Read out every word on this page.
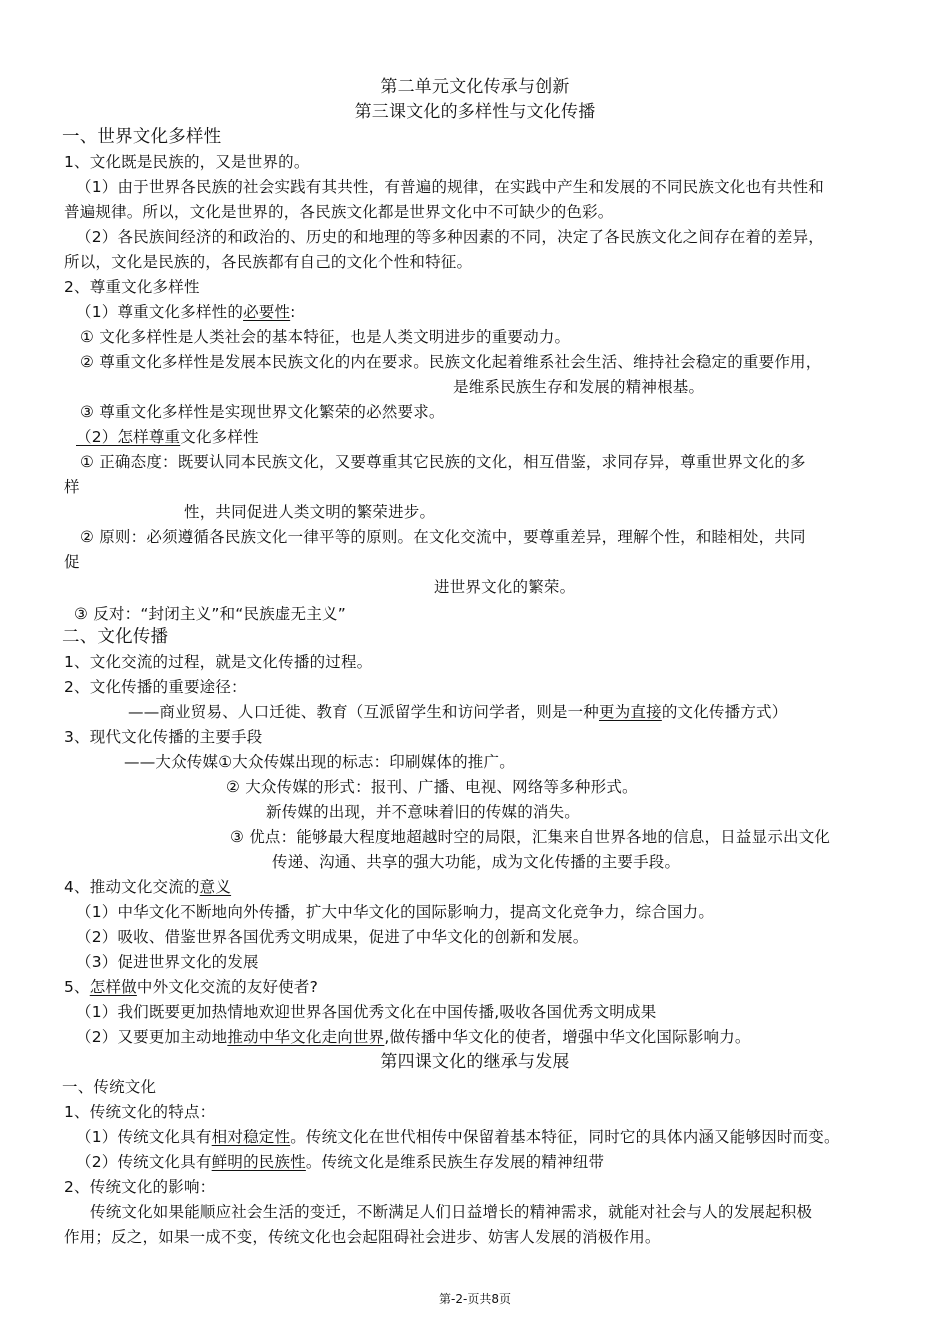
第二单元文化传承与创新
第三课文化的多样性与文化传播
一、世界文化多样性
1、文化既是民族的，又是世界的。
（1）由于世界各民族的社会实践有其共性，有普遍的规律，在实践中产生和发展的不同民族文化也有共性和
普遍规律。所以，文化是世界的，各民族文化都是世界文化中不可缺少的色彩。
（2）各民族间经济的和政治的、历史的和地理的等多种因素的不同，决定了各民族文化之间存在着的差异，
所以，文化是民族的，各民族都有自己的文化个性和特征。
2、尊重文化多样性
（1）尊重文化多样性的必要性:
① 文化多样性是人类社会的基本特征，也是人类文明进步的重要动力。
② 尊重文化多样性是发展本民族文化的内在要求。民族文化起着维系社会生活、维持社会稳定的重要作用，
是维系民族生存和发展的精神根基。
③ 尊重文化多样性是实现世界文化繁荣的必然要求。
（2）怎样尊重文化多样性
① 正确态度：既要认同本民族文化，又要尊重其它民族的文化，相互借鉴，求同存异，尊重世界文化的多
样
性，共同促进人类文明的繁荣进步。
② 原则：必须遵循各民族文化一律平等的原则。在文化交流中，要尊重差异，理解个性，和睦相处，共同
促
进世界文化的繁荣。
③ 反对：“封闭主义”和“民族虚无主义”
二、文化传播
1、文化交流的过程，就是文化传播的过程。
2、文化传播的重要途径：
——商业贸易、人口迁徙、教育（互派留学生和访问学者，则是一种更为直接的文化传播方式）
3、现代文化传播的主要手段
——大众传媒①大众传媒出现的标志：印刷媒体的推广。
② 大众传媒的形式：报刊、广播、电视、网络等多种形式。
新传媒的出现，并不意味着旧的传媒的消失。
③ 优点：能够最大程度地超越时空的局限，汇集来自世界各地的信息，日益显示出文化
传递、沟通、共享的强大功能，成为文化传播的主要手段。
4、推动文化交流的意义
（1）中华文化不断地向外传播，扩大中华文化的国际影响力，提高文化竞争力，综合国力。
（2）吸收、借鉴世界各国优秀文明成果，促进了中华文化的创新和发展。
（3）促进世界文化的发展
5、怎样做中外文化交流的友好使者?
（1）我们既要更加热情地欢迎世界各国优秀文化在中国传播,吸收各国优秀文明成果
（2）又要更加主动地推动中华文化走向世界,做传播中华文化的使者，增强中华文化国际影响力。
第四课文化的继承与发展
一、传统文化
1、传统文化的特点：
（1）传统文化具有相对稳定性。传统文化在世代相传中保留着基本特征，同时它的具体内涵又能够因时而变。
（2）传统文化具有鲜明的民族性。传统文化是维系民族生存发展的精神纽带
2、传统文化的影响：
传统文化如果能顺应社会生活的变迁，不断满足人们日益增长的精神需求，就能对社会与人的发展起积极
作用；反之，如果一成不变，传统文化也会起阻碍社会进步、妨害人发展的消极作用。
第-2-页共8页
